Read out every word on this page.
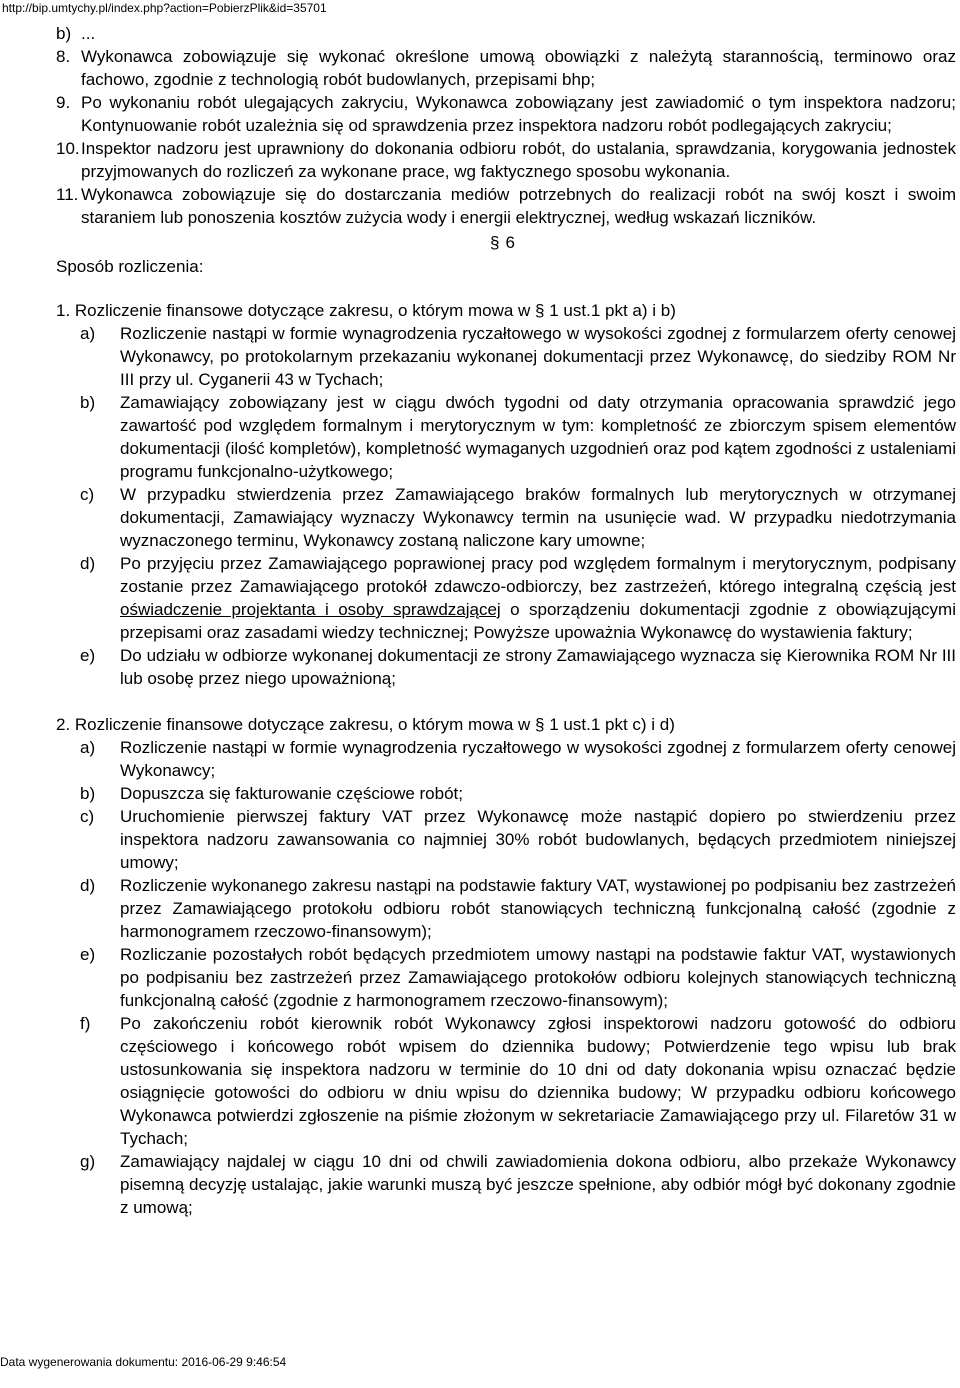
http://bip.umtychy.pl/index.php?action=PobierzPlik&id=35701
b) ...
8. Wykonawca zobowiązuje się wykonać określone umową obowiązki z należytą starannością, terminowo oraz fachowo, zgodnie z technologią robót budowlanych, przepisami bhp;
9. Po wykonaniu robót ulegających zakryciu, Wykonawca zobowiązany jest zawiadomić o tym inspektora nadzoru; Kontynuowanie robót uzależnia się od sprawdzenia przez inspektora nadzoru robót podlegających zakryciu;
10. Inspektor nadzoru jest uprawniony do dokonania odbioru robót, do ustalania, sprawdzania, korygowania jednostek przyjmowanych do rozliczeń za wykonane prace, wg faktycznego sposobu wykonania.
11. Wykonawca zobowiązuje się do dostarczania mediów potrzebnych do realizacji robót na swój koszt i swoim staraniem lub ponoszenia kosztów zużycia wody i energii elektrycznej, według wskazań liczników.
§ 6
Sposób rozliczenia:
1. Rozliczenie finansowe dotyczące zakresu, o którym mowa w § 1 ust.1 pkt a) i b)
a) Rozliczenie nastąpi w formie wynagrodzenia ryczałtowego w wysokości zgodnej z formularzem oferty cenowej Wykonawcy, po protokolarnym przekazaniu wykonanej dokumentacji przez Wykonawcę, do siedziby ROM Nr III przy ul. Cyganerii 43 w Tychach;
b) Zamawiający zobowiązany jest w ciągu dwóch tygodni od daty otrzymania opracowania sprawdzić jego zawartość pod względem formalnym i merytorycznym w tym: kompletność ze zbiorczym spisem elementów dokumentacji (ilość kompletów), kompletność wymaganych uzgodnień oraz pod kątem zgodności z ustaleniami programu funkcjonalno-użytkowego;
c) W przypadku stwierdzenia przez Zamawiającego braków formalnych lub merytorycznych w otrzymanej dokumentacji, Zamawiający wyznaczy Wykonawcy termin na usunięcie wad. W przypadku niedotrzymania wyznaczonego terminu, Wykonawcy zostaną naliczone kary umowne;
d) Po przyjęciu przez Zamawiającego poprawionej pracy pod względem formalnym i merytorycznym, podpisany zostanie przez Zamawiającego protokół zdawczo-odbiorczy, bez zastrzeżeń, którego integralną częścią jest oświadczenie projektanta i osoby sprawdzającej o sporządzeniu dokumentacji zgodnie z obowiązującymi przepisami oraz zasadami wiedzy technicznej; Powyższe upoważnia Wykonawcę do wystawienia faktury;
e) Do udziału w odbiorze wykonanej dokumentacji ze strony Zamawiającego wyznacza się Kierownika ROM Nr III lub osobę przez niego upoważnioną;
2. Rozliczenie finansowe dotyczące zakresu, o którym mowa w § 1 ust.1 pkt c) i d)
a) Rozliczenie nastąpi w formie wynagrodzenia ryczałtowego w wysokości zgodnej z formularzem oferty cenowej Wykonawcy;
b) Dopuszcza się fakturowanie częściowe robót;
c) Uruchomienie pierwszej faktury VAT przez Wykonawcę może nastąpić dopiero po stwierdzeniu przez inspektora nadzoru zawansowania co najmniej 30% robót budowlanych, będących przedmiotem niniejszej umowy;
d) Rozliczenie wykonanego zakresu nastąpi na podstawie faktury VAT, wystawionej po podpisaniu bez zastrzeżeń przez Zamawiającego protokołu odbioru robót stanowiących techniczną funkcjonalną całość (zgodnie z harmonogramem rzeczowo-finansowym);
e) Rozliczanie pozostałych robót będących przedmiotem umowy nastąpi na podstawie faktur VAT, wystawionych po podpisaniu bez zastrzeżeń przez Zamawiającego protokołów odbioru kolejnych stanowiących techniczną funkcjonalną całość (zgodnie z harmonogramem rzeczowo-finansowym);
f) Po zakończeniu robót kierownik robót Wykonawcy zgłosi inspektorowi nadzoru gotowość do odbioru częściowego i końcowego robót wpisem do dziennika budowy; Potwierdzenie tego wpisu lub brak ustosunkowania się inspektora nadzoru w terminie do 10 dni od daty dokonania wpisu oznaczać będzie osiągnięcie gotowości do odbioru w dniu wpisu do dziennika budowy; W przypadku odbioru końcowego Wykonawca potwierdzi zgłoszenie na piśmie złożonym w sekretariacie Zamawiającego przy ul. Filaretów 31 w Tychach;
g) Zamawiający najdalej w ciągu 10 dni od chwili zawiadomienia dokona odbioru, albo przekaże Wykonawcy pisemną decyzję ustalając, jakie warunki muszą być jeszcze spełnione, aby odbiór mógł być dokonany zgodnie z umową;
Data wygenerowania dokumentu: 2016-06-29 9:46:54
